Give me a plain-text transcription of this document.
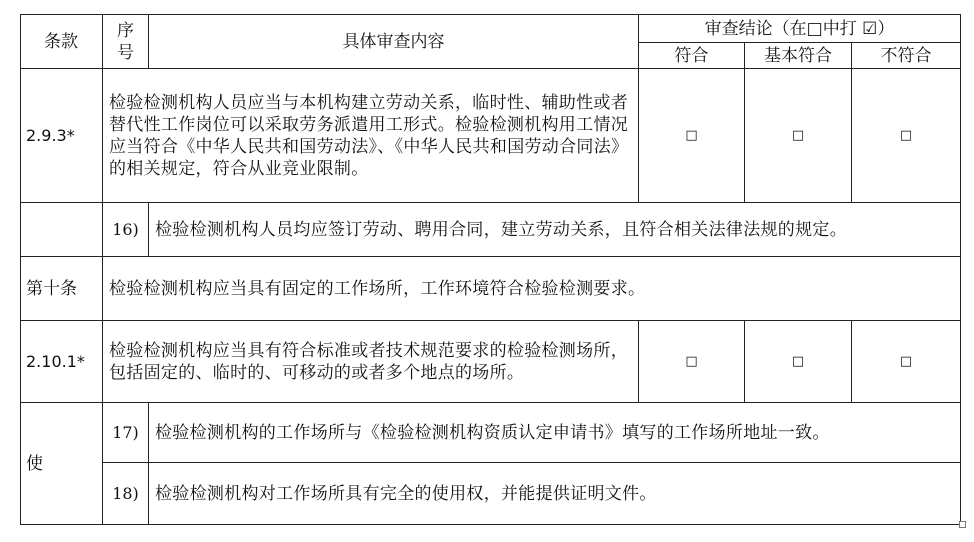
条款	序
号	具体审查内容	审查结论（在□中打 ☑）		
			符合	基本符合	不符合
2.9.3*	检验检测机构人员应当与本机构建立劳动关系，临时性、辅助性或者替代性工作岗位可以采取劳务派遣用工形式。检验检测机构用工情况应当符合《中华人民共和国劳动法》、《中华人民共和国劳动合同法》的相关规定，符合从业竞业限制。		□	□	□
	16)	检验检测机构人员均应签订劳动、聘用合同，建立劳动关系，且符合相关法律法规的规定。			
第十条	检验检测机构应当具有固定的工作场所，工作环境符合检验检测要求。				
2.10.1*	检验检测机构应当具有符合标准或者技术规范要求的检验检测场所，包括固定的、临时的、可移动的或者多个地点的场所。		□	□	□
使	17)	检验检测机构的工作场所与《检验检测机构资质认定申请书》填写的工作场所地址一致。			
	18)	检验检测机构对工作场所具有完全的使用权，并能提供证明文件。			
